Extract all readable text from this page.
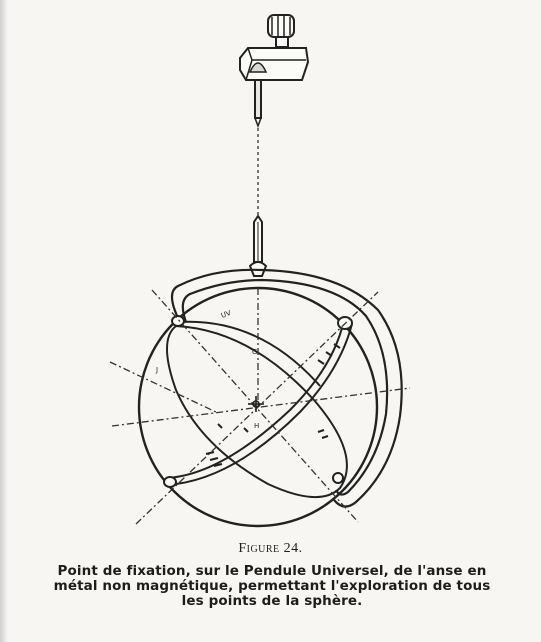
UV
G
J
H
Figure 24.
Point de fixation, sur le Pendule Universel, de l'anse en
métal non magnétique, permettant l'exploration de tous
les points de la sphère.
